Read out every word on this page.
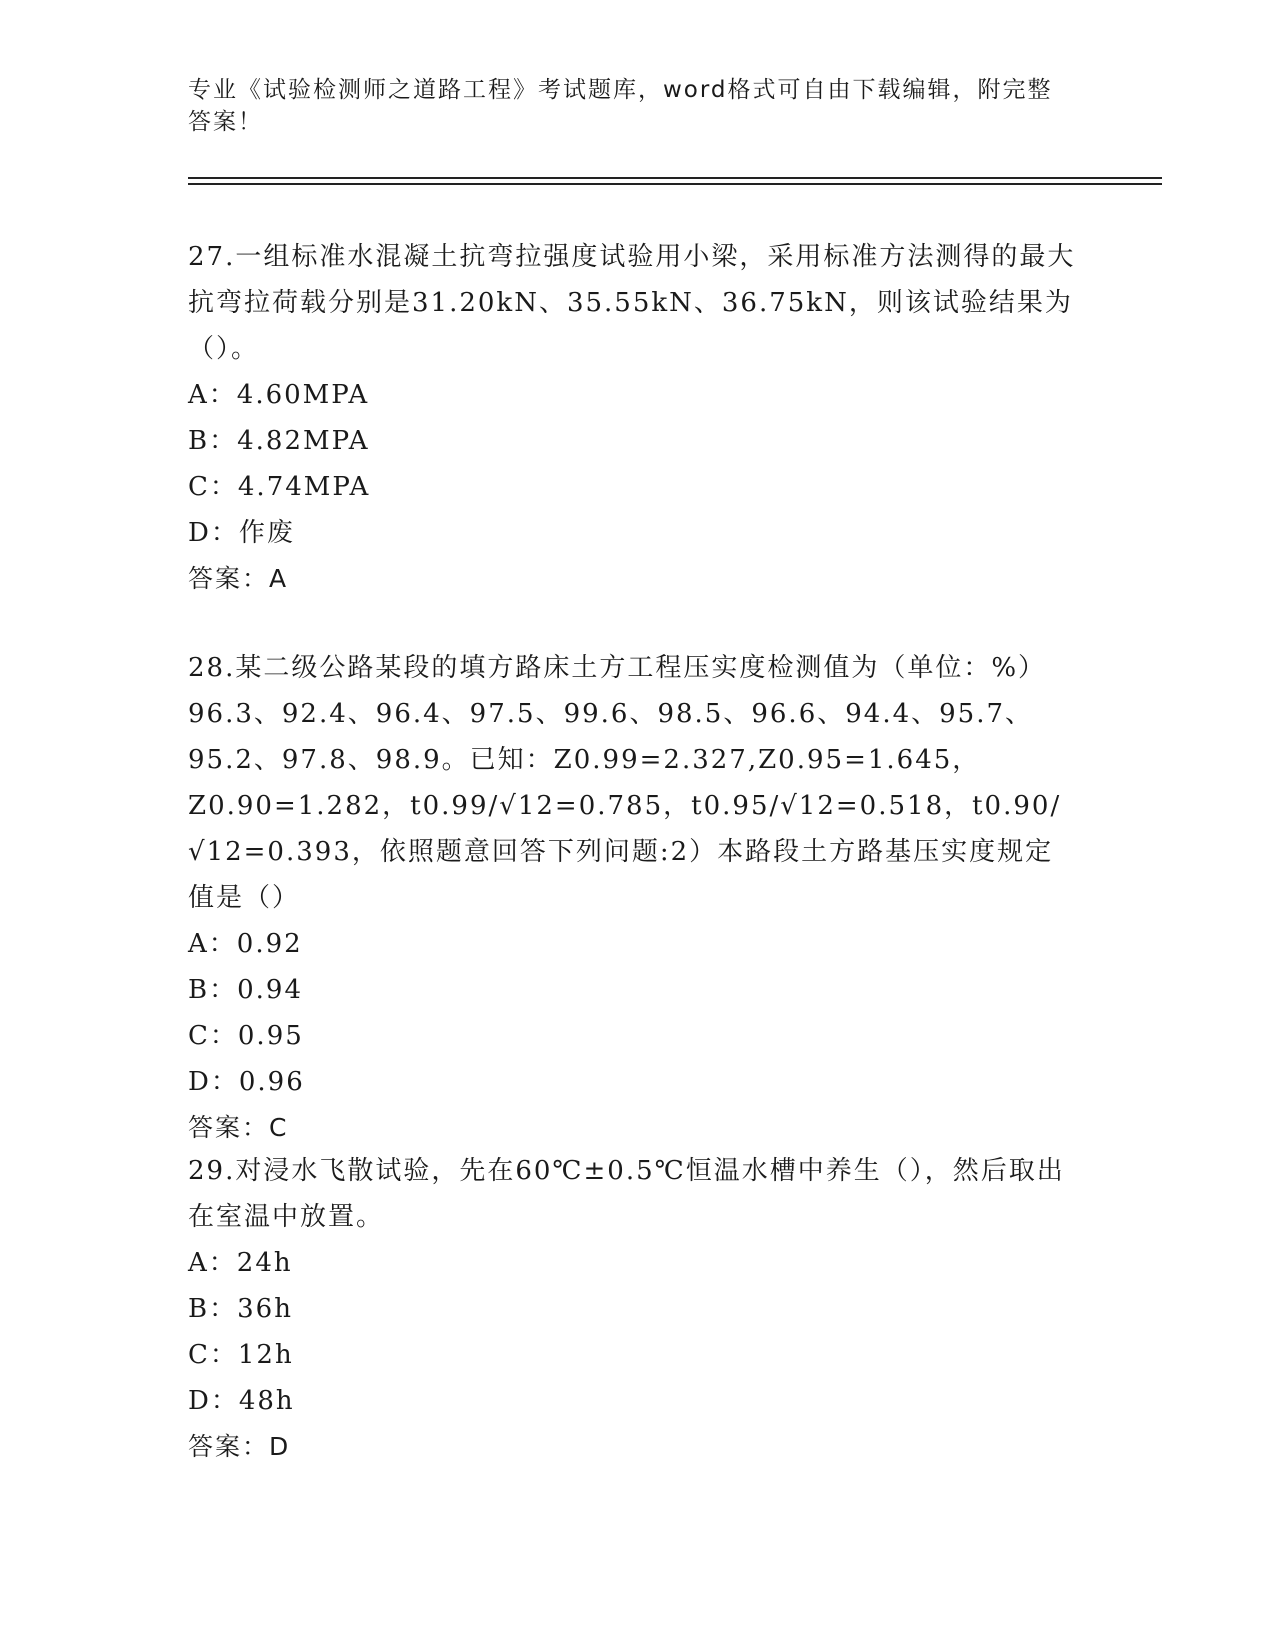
专业《试验检测师之道路工程》考试题库，word格式可自由下载编辑，附完整答案！

27.一组标准水混凝土抗弯拉强度试验用小梁，采用标准方法测得的最大抗弯拉荷载分别是31.20kN、35.55kN、36.75kN，则该试验结果为（）。

A：4.60MPA

B：4.82MPA

C：4.74MPA

D：作废

答案：A

28.某二级公路某段的填方路床土方工程压实度检测值为（单位：%）96.3、92.4、96.4、97.5、99.6、98.5、96.6、94.4、95.7、95.2、97.8、98.9。已知：Z0.99=2.327,Z0.95=1.645，Z0.90=1.282，t0.99/√12=0.785，t0.95/√12=0.518，t0.90/√12=0.393，依照题意回答下列问题:2）本路段土方路基压实度规定值是（）

A：0.92

B：0.94

C：0.95

D：0.96

答案：C

29.对浸水飞散试验，先在60℃±0.5℃恒温水槽中养生（），然后取出在室温中放置。

A：24h

B：36h

C：12h

D：48h

答案：D
